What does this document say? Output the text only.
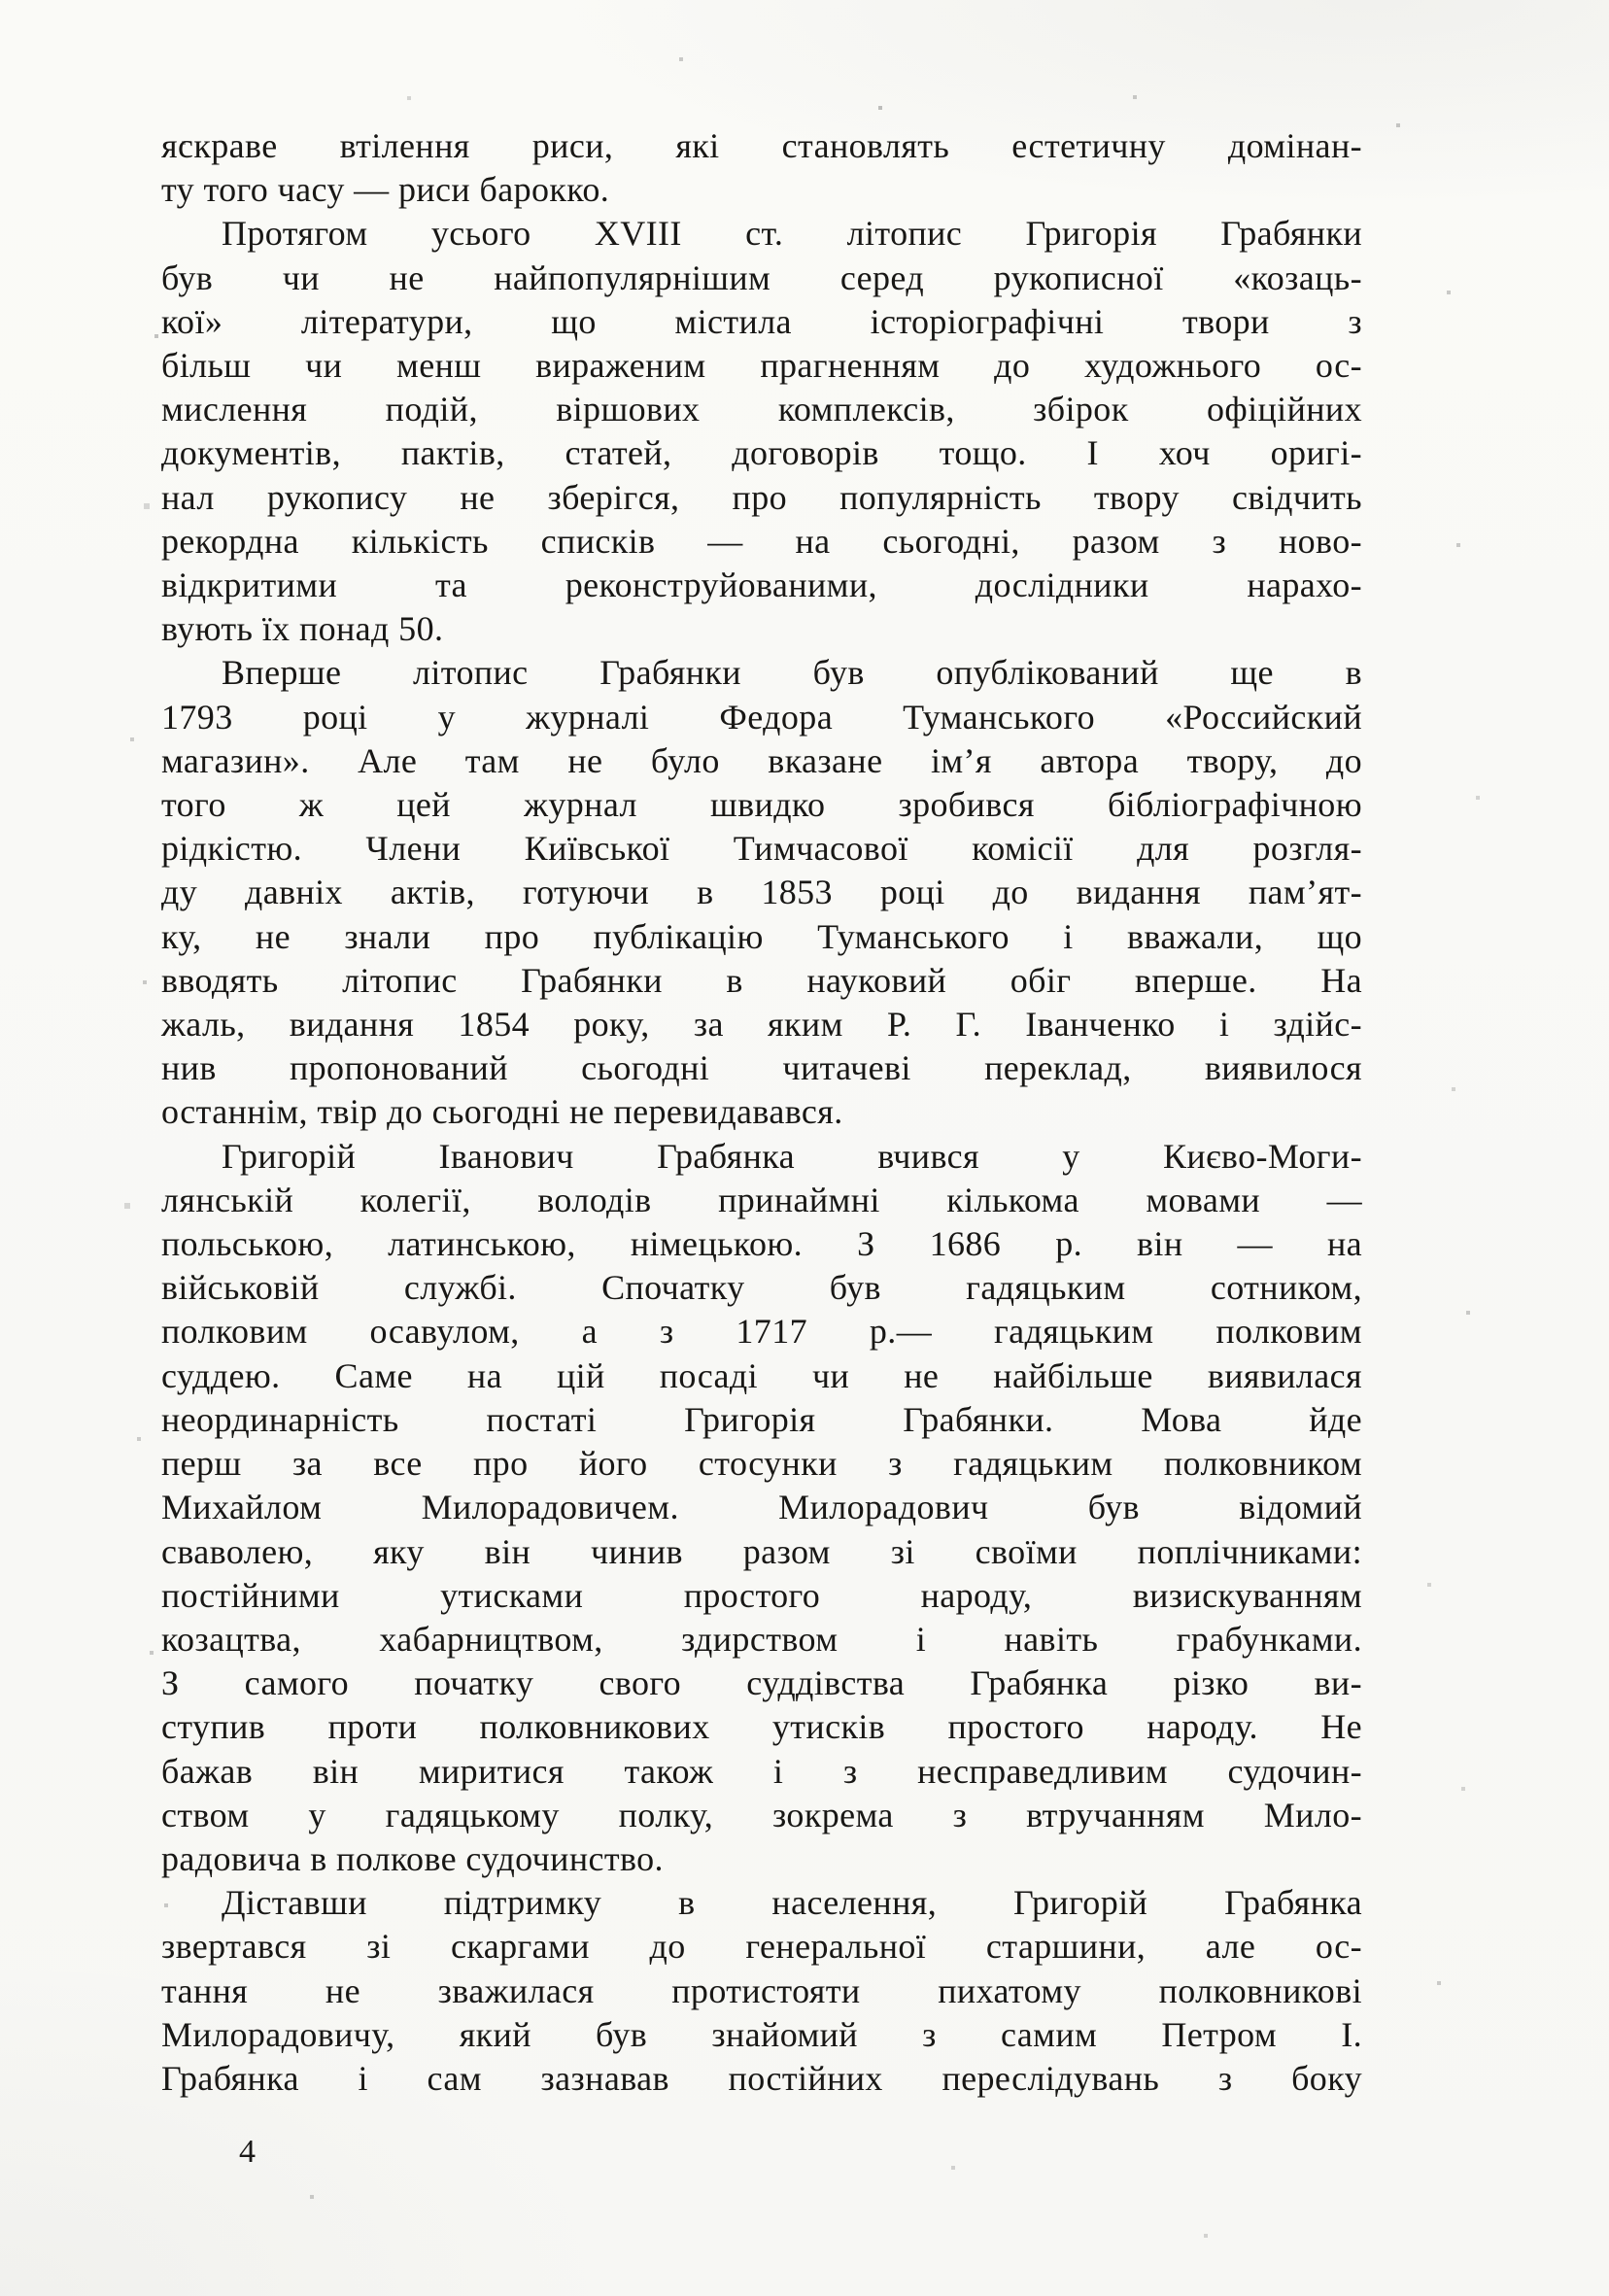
яскраве втілення риси, які становлять естетичну домінан-
ту того часу — риси барокко.
Протягом усього XVIII ст. літопис Григорія Грабянки
був чи не найпопулярнішим серед рукописної «козаць-
кої» літератури, що містила історіографічні твори з
більш чи менш вираженим прагненням до художнього ос-
мислення подій, віршових комплексів, збірок офіційних
документів, пактів, статей, договорів тощо. І хоч оригі-
нал рукопису не зберігся, про популярність твору свідчить
рекордна кількість списків — на сьогодні, разом з ново-
відкритими та реконструйованими, дослідники нарахо-
вують їх понад 50.
Вперше літопис Грабянки був опублікований ще в
1793 році у журналі Федора Туманського «Российский
магазин». Але там не було вказане ім’я автора твору, до
того ж цей журнал швидко зробився бібліографічною
рідкістю. Члени Київської Тимчасової комісії для розгля-
ду давніх актів, готуючи в 1853 році до видання пам’ят-
ку, не знали про публікацію Туманського і вважали, що
вводять літопис Грабянки в науковий обіг вперше. На
жаль, видання 1854 року, за яким Р. Г. Іванченко і здійс-
нив пропонований сьогодні читачеві переклад, виявилося
останнім, твір до сьогодні не перевидавався.
Григорій Іванович Грабянка вчився у Києво-Моги-
лянській колегії, володів принаймні кількома мовами —
польською, латинською, німецькою. З 1686 р. він — на
військовій службі. Спочатку був гадяцьким сотником,
полковим осавулом, а з 1717 р.— гадяцьким полковим
суддею. Саме на цій посаді чи не найбільше виявилася
неординарність постаті Григорія Грабянки. Мова йде
перш за все про його стосунки з гадяцьким полковником
Михайлом Милорадовичем. Милорадович був відомий
сваволею, яку він чинив разом зі своїми поплічниками:
постійними утисками простого народу, визискуванням
козацтва, хабарництвом, здирством і навіть грабунками.
З самого початку свого суддівства Грабянка різко ви-
ступив проти полковникових утисків простого народу. Не
бажав він миритися також і з несправедливим судочин-
ством у гадяцькому полку, зокрема з втручанням Мило-
радовича в полкове судочинство.
Діставши підтримку в населення, Григорій Грабянка
звертався зі скаргами до генеральної старшини, але ос-
тання не зважилася протистояти пихатому полковникові
Милорадовичу, який був знайомий з самим Петром І.
Грабянка і сам зазнавав постійних переслідувань з боку
4
